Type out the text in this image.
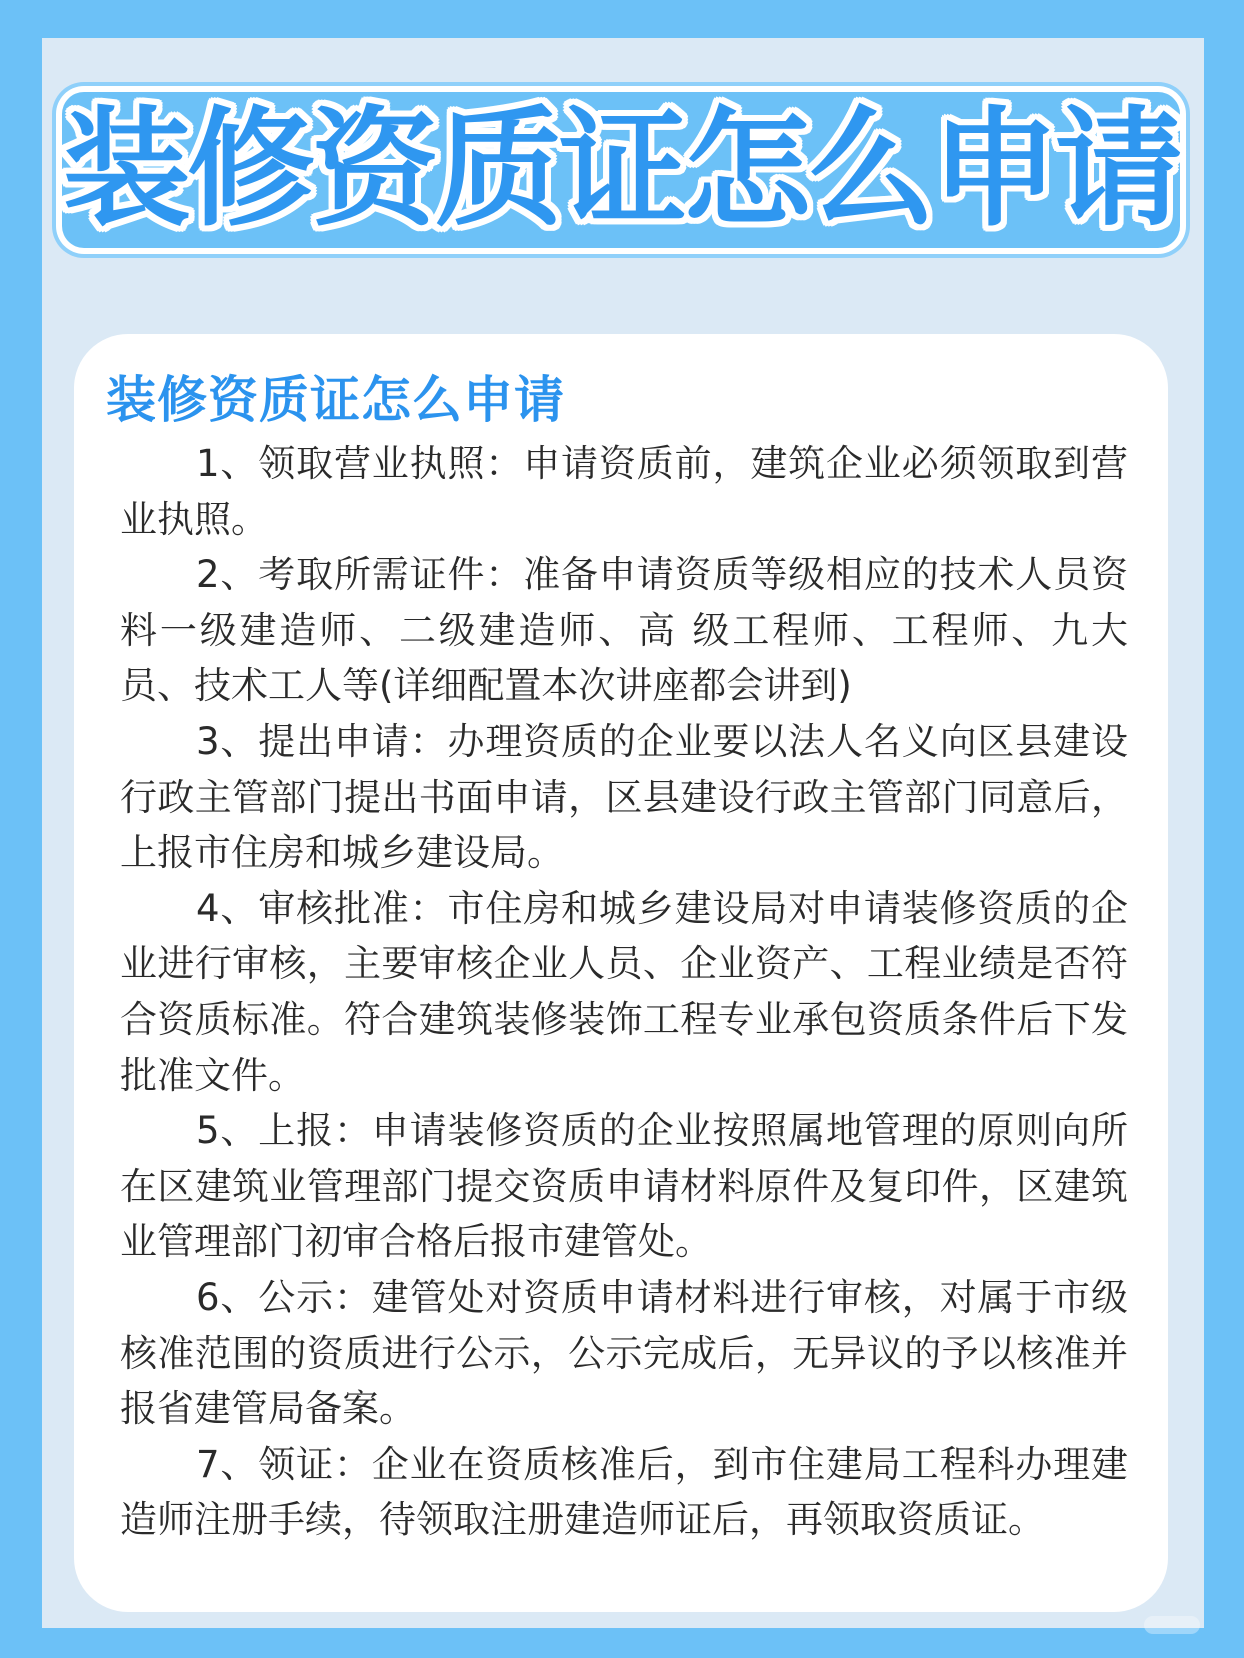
装修资质证怎么申请
装修资质证怎么申请

1、领取营业执照：申请资质前，建筑企业必须领取到营业执照。

2、考取所需证件：准备申请资质等级相应的技术人员资料一级建造师、二级建造师、高 级工程师、工程师、九大员、技术工人等(详细配置本次讲座都会讲到)

3、提出申请：办理资质的企业要以法人名义向区县建设行政主管部门提出书面申请，区县建设行政主管部门同意后，上报市住房和城乡建设局。

4、审核批准：市住房和城乡建设局对申请装修资质的企业进行审核，主要审核企业人员、企业资产、工程业绩是否符合资质标准。符合建筑装修装饰工程专业承包资质条件后下发批准文件。

5、上报：申请装修资质的企业按照属地管理的原则向所在区建筑业管理部门提交资质申请材料原件及复印件，区建筑业管理部门初审合格后报市建管处。

6、公示：建管处对资质申请材料进行审核，对属于市级核准范围的资质进行公示，公示完成后，无异议的予以核准并报省建管局备案。

7、领证：企业在资质核准后，到市住建局工程科办理建造师注册手续，待领取注册建造师证后，再领取资质证。
